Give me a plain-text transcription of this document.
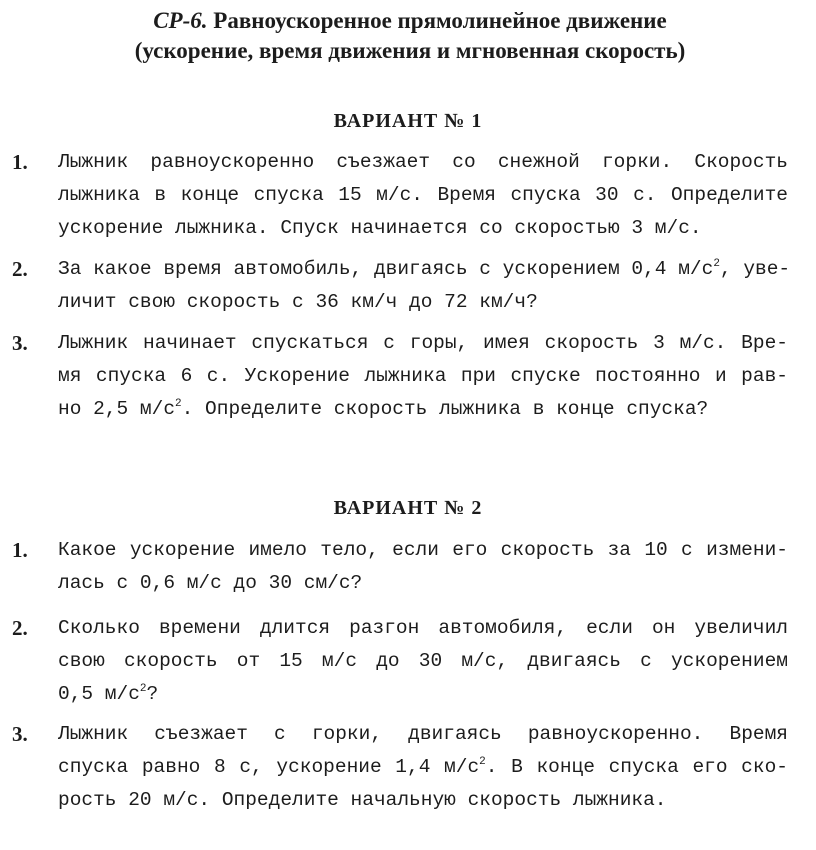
СР-6. Равноускоренное прямолинейное движение
(ускорение, время движения и мгновенная скорость)
ВАРИАНТ № 1
1. Лыжник равноускоренно съезжает со снежной горки. Скорость
лыжника в конце спуска 15 м/с. Время спуска 30 с. Определите
ускорение лыжника. Спуск начинается со скоростью 3 м/с.
2. За какое время автомобиль, двигаясь с ускорением 0,4 $м/с^2$, уве-
личит свою скорость с 36 км/ч до 72 км/ч?
3. Лыжник начинает спускаться с горы, имея скорость 3 м/с. Вре-
мя спуска 6 с. Ускорение лыжника при спуске постоянно и рав-
но 2,5 $м/с^2$. Определите скорость лыжника в конце спуска?
ВАРИАНТ № 2
1. Какое ускорение имело тело, если его скорость за 10 с измени-
лась с 0,6 м/с до 30 см/с?
2. Сколько времени длится разгон автомобиля, если он увеличил
свою скорость от 15 м/с до 30 м/с, двигаясь с ускорением
0,5 $м/с^2$?
3. Лыжник съезжает с горки, двигаясь равноускоренно. Время
спуска равно 8 с, ускорение 1,4 $м/с^2$. В конце спуска его ско-
рость 20 м/с. Определите начальную скорость лыжника.
